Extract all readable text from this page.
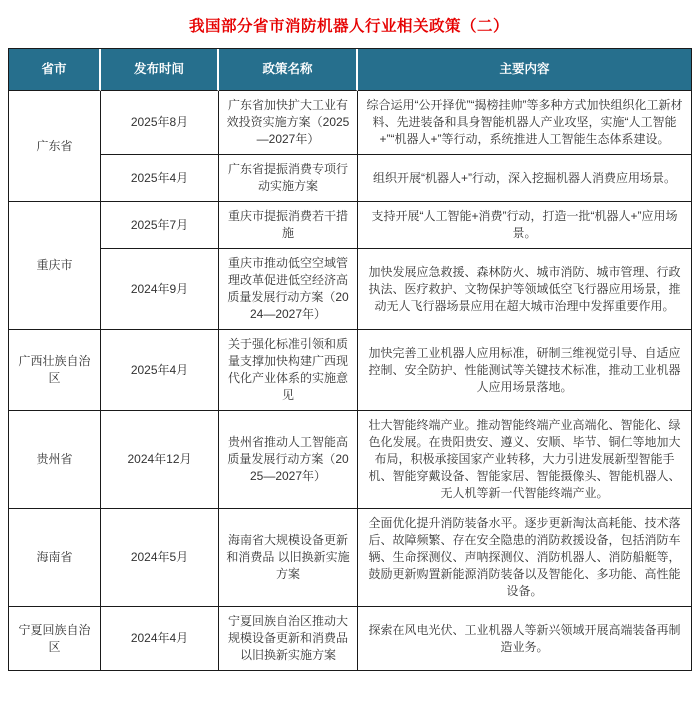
我国部分省市消防机器人行业相关政策（二）
省市	发布时间	政策名称	主要内容
广东省	2025年8月	广东省加快扩大工业有效投资实施方案（2025—2027年）	综合运用“公开择优”“揭榜挂帅”等多种方式加快组织化工新材料、先进装备和具身智能机器人产业攻坚，实施“人工智能+”“机器人+”等行动，系统推进人工智能生态体系建设。
	2025年4月	广东省提振消费专项行动实施方案	组织开展“机器人+”行动，深入挖掘机器人消费应用场景。
重庆市	2025年7月	重庆市提振消费若干措施	支持开展“人工智能+消费”行动，打造一批“机器人+”应用场景。
	2024年9月	重庆市推动低空空域管理改革促进低空经济高质量发展行动方案（2024—2027年）	加快发展应急救援、森林防火、城市消防、城市管理、行政执法、医疗救护、文物保护等领域低空飞行器应用场景，推动无人飞行器场景应用在超大城市治理中发挥重要作用。
广西壮族自治区	2025年4月	关于强化标准引领和质量支撑加快构建广西现代化产业体系的实施意见	加快完善工业机器人应用标准，研制三维视觉引导、自适应控制、安全防护、性能测试等关键技术标准，推动工业机器人应用场景落地。
贵州省	2024年12月	贵州省推动人工智能高质量发展行动方案（2025—2027年）	壮大智能终端产业。推动智能终端产业高端化、智能化、绿色化发展。在贵阳贵安、遵义、安顺、毕节、铜仁等地加大布局，积极承接国家产业转移，大力引进发展新型智能手机、智能穿戴设备、智能家居、智能摄像头、智能机器人、无人机等新一代智能终端产业。
海南省	2024年5月	海南省大规模设备更新和消费品 以旧换新实施方案	全面优化提升消防装备水平。逐步更新淘汰高耗能、技术落后、故障频繁、存在安全隐患的消防救援设备，包括消防车辆、生命探测仪、声呐探测仪、消防机器人、消防船艇等，鼓励更新购置新能源消防装备以及智能化、多功能、高性能设备。
宁夏回族自治区	2024年4月	宁夏回族自治区推动大规模设备更新和消费品 以旧换新实施方案	探索在风电光伏、工业机器人等新兴领域开展高端装备再制造业务。
